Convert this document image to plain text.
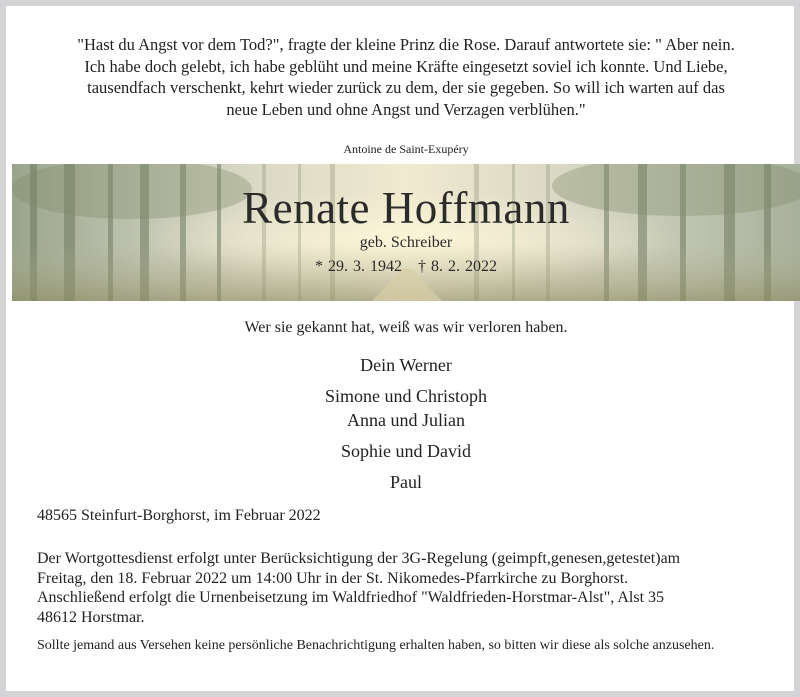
"Hast du Angst vor dem Tod?", fragte der kleine Prinz die Rose. Darauf antwortete sie: " Aber nein.

Ich habe doch gelebt, ich habe geblüht und meine Kräfte eingesetzt soviel ich konnte. Und Liebe,

tausendfach verschenkt, kehrt wieder zurück zu dem, der sie gegeben. So will ich warten auf das

neue Leben und ohne Angst und Verzagen verblühen."

Antoine de Saint-Exupéry
Renate Hoffmann
geb. Schreiber
* 29. 3. 1942 † 8. 2. 2022
Wer sie gekannt hat, weiß was wir verloren haben.
Dein Werner
Simone und Christoph
Anna und Julian
Sophie und David
Paul
48565 Steinfurt-Borghorst, im Februar 2022
Der Wortgottesdienst erfolgt unter Berücksichtigung der 3G-Regelung (geimpft,genesen,getestet)am
Freitag, den 18. Februar 2022 um 14:00 Uhr in der St. Nikomedes-Pfarrkirche zu Borghorst.
Anschließend erfolgt die Urnenbeisetzung im Waldfriedhof "Waldfrieden-Horstmar-Alst", Alst 35
48612 Horstmar.
Sollte jemand aus Versehen keine persönliche Benachrichtigung erhalten haben, so bitten wir diese als solche anzusehen.
